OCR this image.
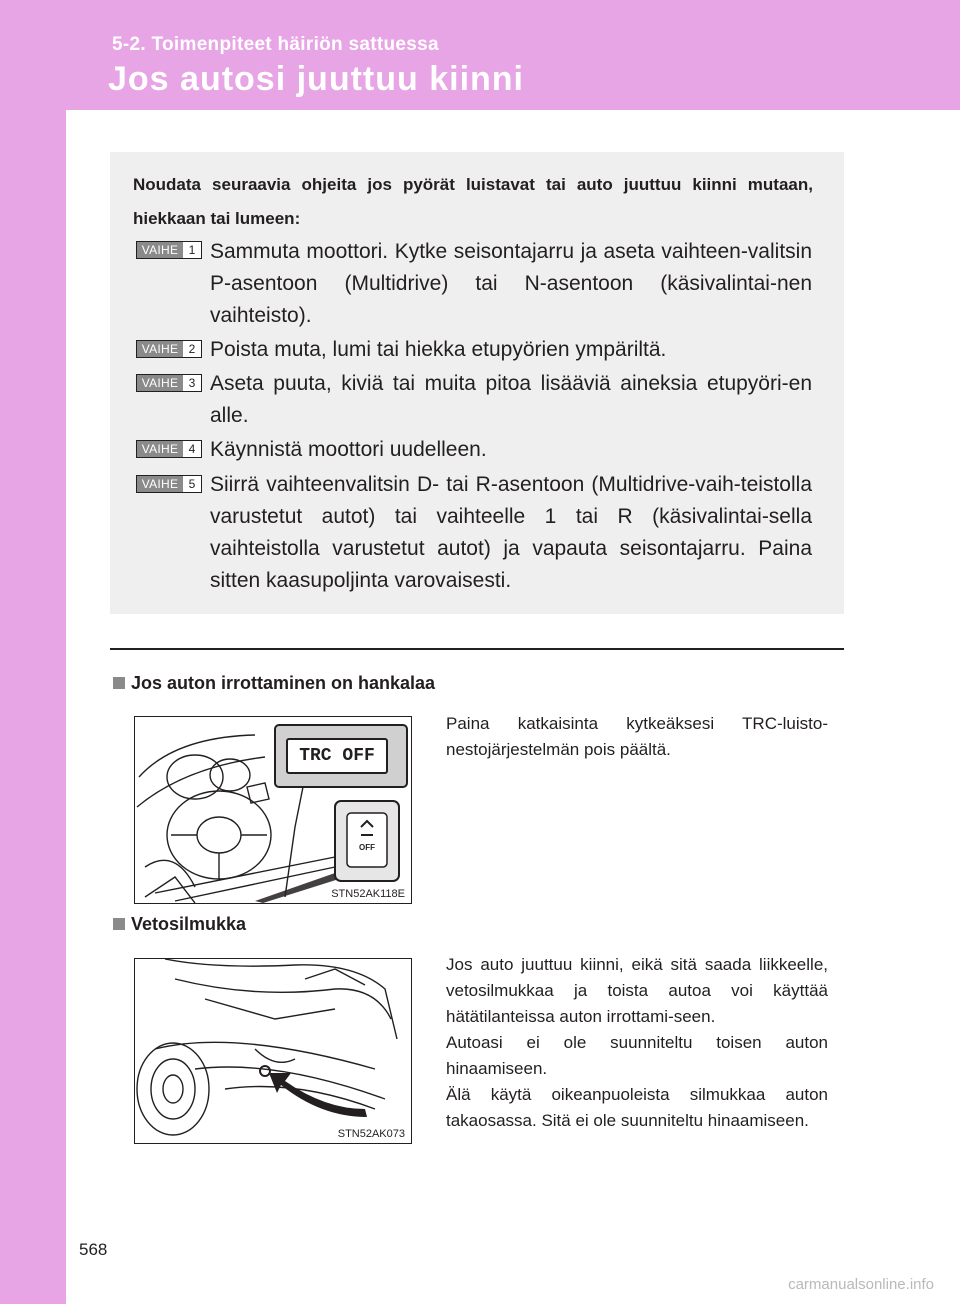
5-2. Toimenpiteet häiriön sattuessa
Jos autosi juuttuu kiinni
Noudata seuraavia ohjeita jos pyörät luistavat tai auto juuttuu kiinni mutaan, hiekkaan tai lumeen:
VAIHE 1 Sammuta moottori. Kytke seisontajarru ja aseta vaihteen-valitsin P-asentoon (Multidrive) tai N-asentoon (käsivalintai-nen vaihteisto).
VAIHE 2 Poista muta, lumi tai hiekka etupyörien ympäriltä.
VAIHE 3 Aseta puuta, kiviä tai muita pitoa lisääviä aineksia etupyöri-en alle.
VAIHE 4 Käynnistä moottori uudelleen.
VAIHE 5 Siirrä vaihteenvalitsin D- tai R-asentoon (Multidrive-vaih-teistolla varustetut autot) tai vaihteelle 1 tai R (käsivalintai-sella vaihteistolla varustetut autot) ja vapauta seisontajarru. Paina sitten kaasupoljinta varovaisesti.
Jos auton irrottaminen on hankalaa
TRC OFF
OFF
STN52AK118E
Paina katkaisinta kytkeäksesi TRC-luisto-nestojärjestelmän pois päältä.
Vetosilmukka
STN52AK073
Jos auto juuttuu kiinni, eikä sitä saada liikkeelle, vetosilmukkaa ja toista autoa voi käyttää hätätilanteissa auton irrottami-seen.
Autoasi ei ole suunniteltu toisen auton hinaamiseen.
Älä käytä oikeanpuoleista silmukkaa auton takaosassa. Sitä ei ole suunniteltu hinaamiseen.
568
carmanualsonline.info
